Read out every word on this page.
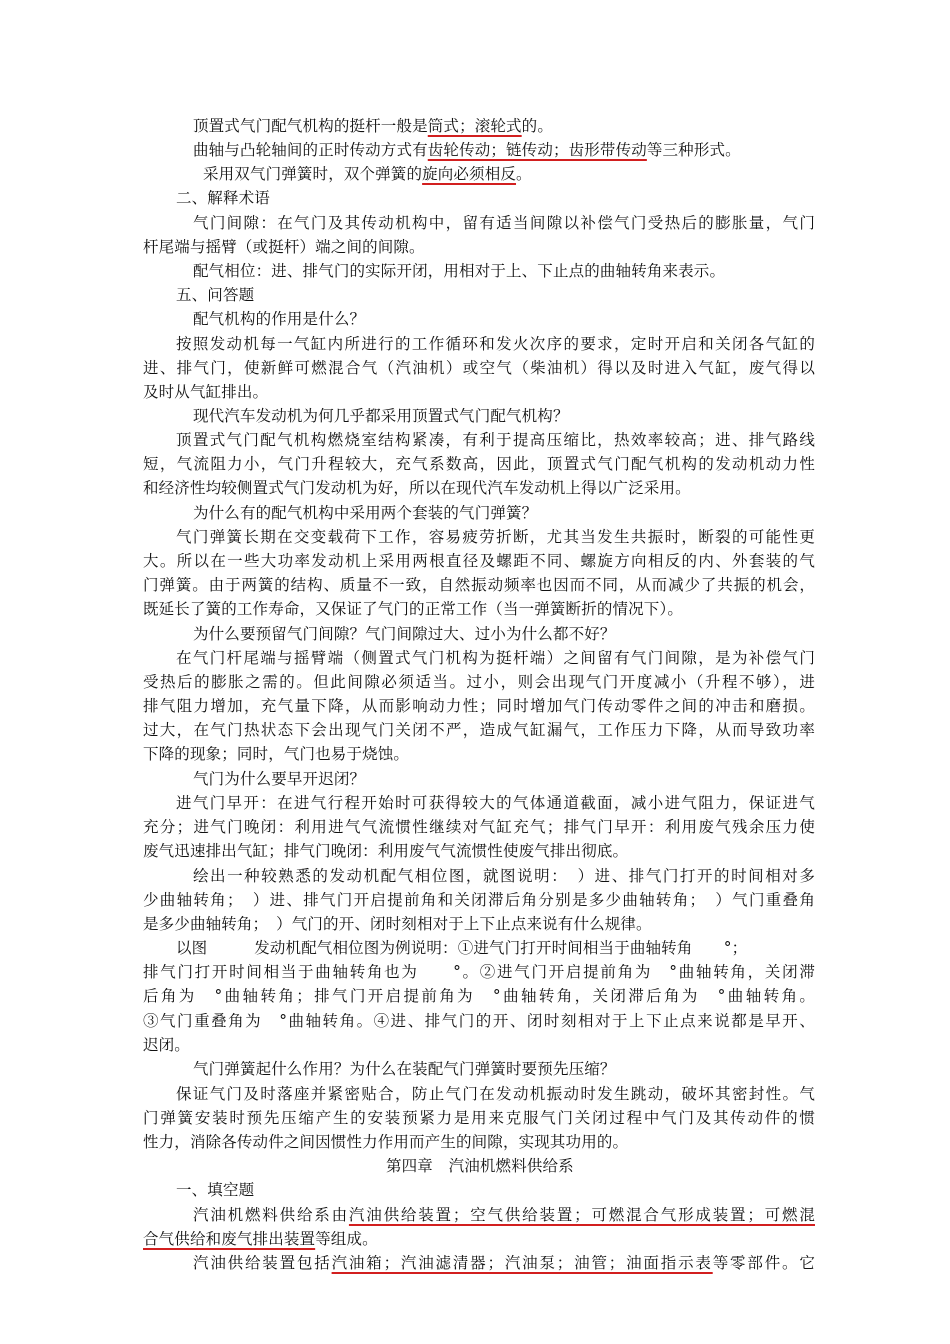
顶置式气门配气机构的挺杆一般是筒式；滚轮式的。
曲轴与凸轮轴间的正时传动方式有齿轮传动；链传动；齿形带传动等三种形式。
采用双气门弹簧时，双个弹簧的旋向必须相反。
二、解释术语
气门间隙：在气门及其传动机构中，留有适当间隙以补偿气门受热后的膨胀量，气门
杆尾端与摇臂（或挺杆）端之间的间隙。
配气相位：进、排气门的实际开闭，用相对于上、下止点的曲轴转角来表示。
五、问答题
配气机构的作用是什么？
按照发动机每一气缸内所进行的工作循环和发火次序的要求，定时开启和关闭各气缸的
进、排气门，使新鲜可燃混合气（汽油机）或空气（柴油机）得以及时进入气缸，废气得以
及时从气缸排出。
现代汽车发动机为何几乎都采用顶置式气门配气机构？
顶置式气门配气机构燃烧室结构紧凑，有利于提高压缩比，热效率较高；进、排气路线
短，气流阻力小，气门升程较大，充气系数高，因此，顶置式气门配气机构的发动机动力性
和经济性均较侧置式气门发动机为好，所以在现代汽车发动机上得以广泛采用。
为什么有的配气机构中采用两个套装的气门弹簧？
气门弹簧长期在交变载荷下工作，容易疲劳折断，尤其当发生共振时，断裂的可能性更
大。所以在一些大功率发动机上采用两根直径及螺距不同、螺旋方向相反的内、外套装的气
门弹簧。由于两簧的结构、质量不一致，自然振动频率也因而不同，从而减少了共振的机会，
既延长了簧的工作寿命，又保证了气门的正常工作（当一弹簧断折的情况下）。
为什么要预留气门间隙？气门间隙过大、过小为什么都不好？
在气门杆尾端与摇臂端（侧置式气门机构为挺杆端）之间留有气门间隙，是为补偿气门
受热后的膨胀之需的。但此间隙必须适当。过小，则会出现气门开度减小（升程不够），进
排气阻力增加，充气量下降，从而影响动力性；同时增加气门传动零件之间的冲击和磨损。
过大，在气门热状态下会出现气门关闭不严，造成气缸漏气，工作压力下降，从而导致功率
下降的现象；同时，气门也易于烧蚀。
气门为什么要早开迟闭？
进气门早开：在进气行程开始时可获得较大的气体通道截面，减小进气阻力，保证进气
充分；进气门晚闭：利用进气气流惯性继续对气缸充气；排气门早开：利用废气残余压力使
废气迅速排出气缸；排气门晚闭：利用废气气流惯性使废气排出彻底。
绘出一种较熟悉的发动机配气相位图，就图说明：　）进、排气门打开的时间相对多
少曲轴转角；　）进、排气门开启提前角和关闭滞后角分别是多少曲轴转角；　）气门重叠角
是多少曲轴转角；　）气门的开、闭时刻相对于上下止点来说有什么规律。
以图　　　发动机配气相位图为例说明：①进气门打开时间相当于曲轴转角　　°；
排气门打开时间相当于曲轴转角也为　　°。②进气门开启提前角为　°曲轴转角，关闭滞
后角为　°曲轴转角；排气门开启提前角为　°曲轴转角，关闭滞后角为　°曲轴转角。
③气门重叠角为　°曲轴转角。④进、排气门的开、闭时刻相对于上下止点来说都是早开、
迟闭。
气门弹簧起什么作用？为什么在装配气门弹簧时要预先压缩？
保证气门及时落座并紧密贴合，防止气门在发动机振动时发生跳动，破坏其密封性。气
门弹簧安装时预先压缩产生的安装预紧力是用来克服气门关闭过程中气门及其传动件的惯
性力，消除各传动件之间因惯性力作用而产生的间隙，实现其功用的。
第四章　汽油机燃料供给系
一、填空题
汽油机燃料供给系由汽油供给装置；空气供给装置；可燃混合气形成装置；可燃混
合气供给和废气排出装置等组成。
汽油供给装置包括汽油箱；汽油滤清器；汽油泵；油管；油面指示表等零部件。它
